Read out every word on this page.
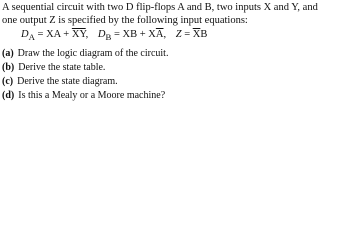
A sequential circuit with two D flip-flops A and B, two inputs X and Y, and
one output Z is specified by the following input equations:

$D_A$ = XA + $\overline{XY}$, $D_B$ = XB + $X\overline{A}$, $Z = \overline{X}B$
(a) Draw the logic diagram of the circuit.
(b) Derive the state table.
(c) Derive the state diagram.
(d) Is this a Mealy or a Moore machine?
